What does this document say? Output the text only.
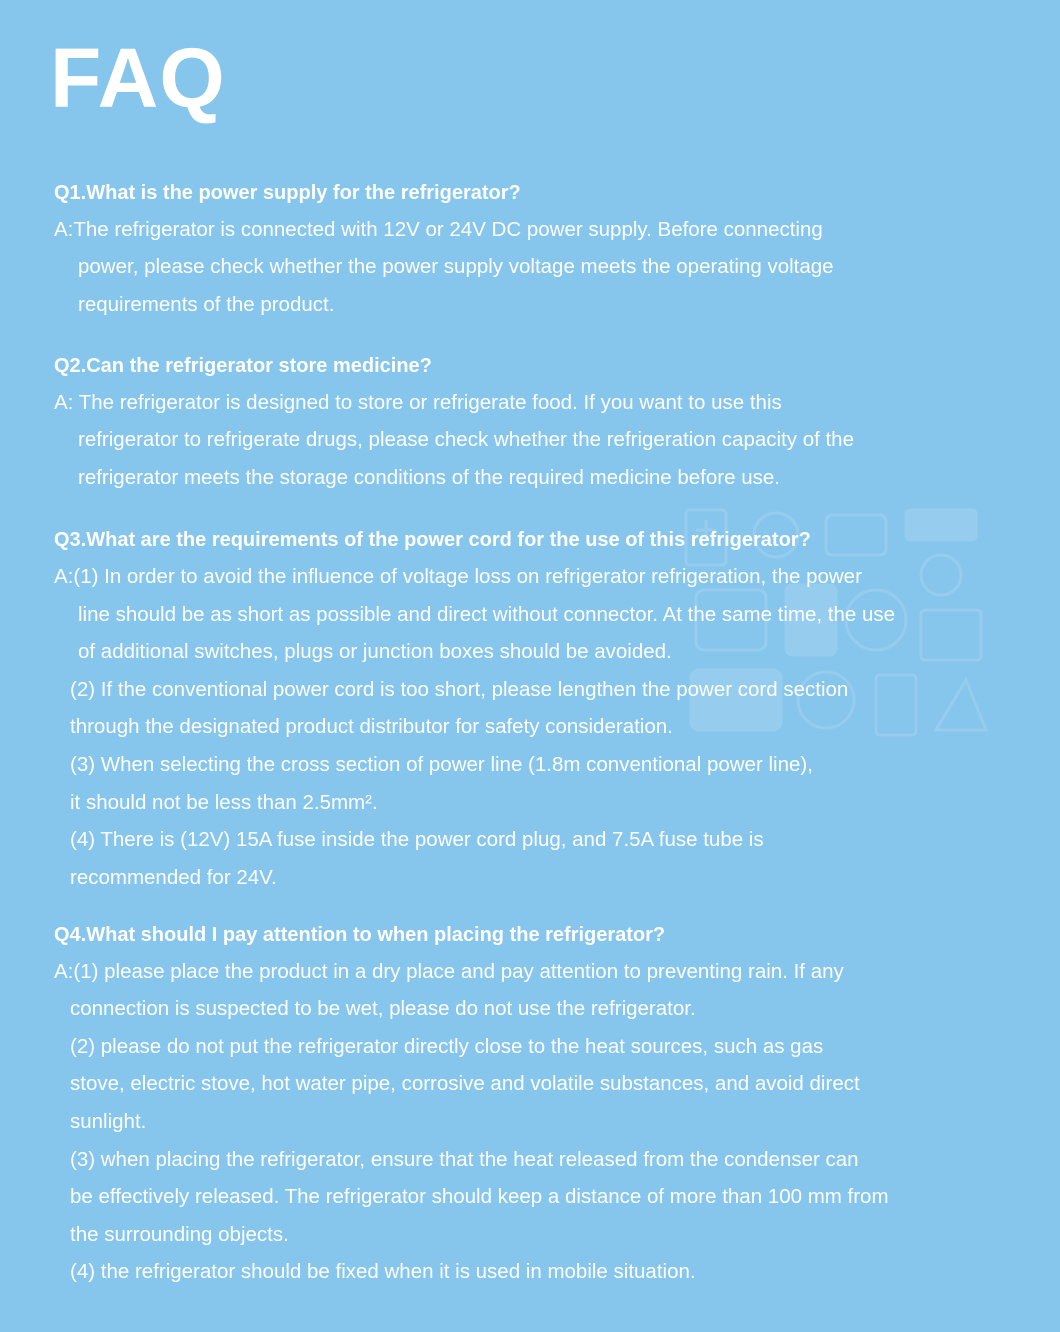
FAQ
Q1.What is the power supply for the refrigerator?
A:The refrigerator is connected with 12V or 24V DC power supply. Before connecting
power, please check whether the power supply voltage meets the operating voltage
requirements of the product.
Q2.Can the refrigerator store medicine?
A: The refrigerator is designed to store or refrigerate food. If you want to use this
refrigerator to refrigerate drugs, please check whether the refrigeration capacity of the
refrigerator meets the storage conditions of the required medicine before use.
Q3.What are the requirements of the power cord for the use of this refrigerator?
A:(1) In order to avoid the influence of voltage loss on refrigerator refrigeration, the power
line should be as short as possible and direct without connector. At the same time, the use
of additional switches, plugs or junction boxes should be avoided.
(2) If the conventional power cord is too short, please lengthen the power cord section
through the designated product distributor for safety consideration.
(3) When selecting the cross section of power line (1.8m conventional power line),
it should not be less than 2.5mm².
(4) There is (12V) 15A fuse inside the power cord plug, and 7.5A fuse tube is
recommended for 24V.
Q4.What should I pay attention to when placing the refrigerator?
A:(1) please place the product in a dry place and pay attention to preventing rain. If any
connection is suspected to be wet, please do not use the refrigerator.
(2) please do not put the refrigerator directly close to the heat sources, such as gas
stove, electric stove, hot water pipe, corrosive and volatile substances, and avoid direct
sunlight.
(3) when placing the refrigerator, ensure that the heat released from the condenser can
be effectively released. The refrigerator should keep a distance of more than 100 mm from
the surrounding objects.
(4) the refrigerator should be fixed when it is used in mobile situation.
